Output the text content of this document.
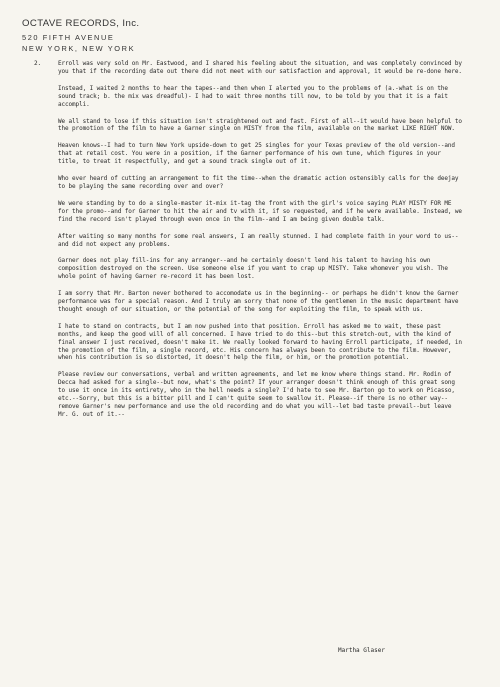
OCTAVE RECORDS, Inc.
520 FIFTH AVENUE
NEW YORK, NEW YORK

2.	Erroll was very sold on Mr. Eastwood, and I shared his feeling about the situation, and was completely convinced by you that if the recording date out there did not meet with our satisfaction and approval, it would be re-done here.

Instead, I waited 2 months to hear the tapes--and then when I alerted you to the problems of (a.-what is on the sound track; b. the mix was dreadful)- I had to wait three months till now, to be told by you that it is a fait accompli.

We all stand to lose if this situation isn't straightened out and fast. First of all--it would have been helpful to the promotion of the film to have a Garner single on MISTY from the film, available on the market LIKE RIGHT NOW.

Heaven knows--I had to turn New York upside-down to get 25 singles for your Texas preview of the old version--and that at retail cost. You were in a position, if the Garner performance of his own tune, which figures in your title, to treat it respectfully, and get a sound track single out of it.

Who ever heard of cutting an arrangement to fit the time--when the dramatic action ostensibly calls for the deejay to be playing the same recording over and over?

We were standing by to do a single-master it-mix it-tag the front with the girl's voice saying PLAY MISTY FOR ME for the promo--and for Garner to hit the air and tv with it, if so requested, and if he were available. Instead, we find the record isn't played through even once in the film--and I am being given double talk.

After waiting so many months for some real answers, I am really stunned. I had complete faith in your word to us--and did not expect any problems.

Garner does not play fill-ins for any arranger--and he certainly doesn't lend his talent to having his own composition destroyed on the screen. Use someone else if you want to crap up MISTY. Take whomever you wish. The whole point of having Garner re-record it has been lost.

I am sorry that Mr. Barton never bothered to accomodate us in the beginning-- or perhaps he didn't know the Garner performance was for a special reason. And I truly am sorry that none of the gentlemen in the music department have thought enough of our situation, or the potential of the song for exploiting the film, to speak with us.

I hate to stand on contracts, but I am now pushed into that position. Erroll has asked me to wait, these past months, and keep the good will of all concerned. I have tried to do this--but this stretch-out, with the kind of final answer I just received, doesn't make it. We really looked forward to having Erroll participate, if needed, in the promotion of the film, a single record, etc. His concern has always been to contribute to the film. However, when his contribution is so distorted, it doesn't help the film, or him, or the promotion potential.

Please review our conversations, verbal and written agreements, and let me know where things stand. Mr. Rodin of Decca had asked for a single--but now, what's the point? If your arranger doesn't think enough of this great song to use it once in its entirety, who in the hell needs a single? I'd hate to see Mr. Barton go to work on Picasso, etc.--Sorry, but this is a bitter pill and I can't quite seem to swallow it. Please--if there is no other way--remove Garner's new performance and use the old recording and do what you will--let bad taste prevail--but leave Mr. G. out of it.--

Martha Glaser
